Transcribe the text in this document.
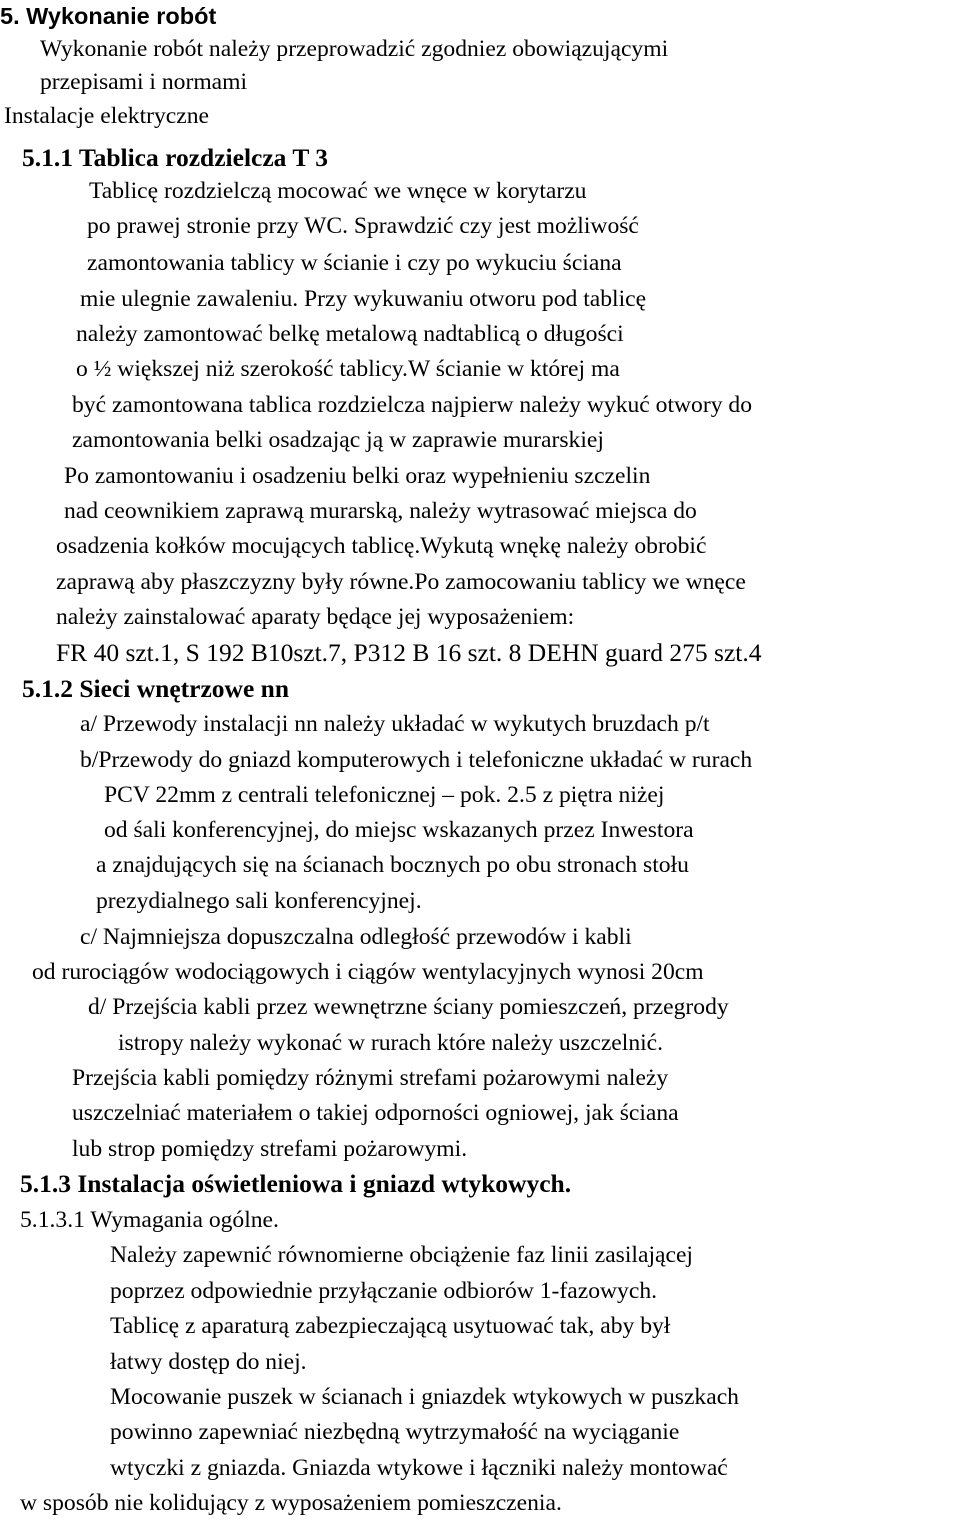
5. Wykonanie robót
Wykonanie robót należy przeprowadzić zgodniez obowiązującymi
przepisami i normami
Instalacje elektryczne
5.1.1 Tablica rozdzielcza T 3
Tablicę rozdzielczą mocować we wnęce w korytarzu
po prawej stronie przy WC. Sprawdzić czy jest możliwość
zamontowania tablicy w ścianie i czy po wykuciu ściana
mie ulegnie zawaleniu. Przy wykuwaniu otworu pod tablicę
należy zamontować belkę metalową nadtablicą o długości
o ½ większej niż szerokość tablicy.W ścianie w której ma
być zamontowana tablica rozdzielcza najpierw należy wykuć otwory do
zamontowania belki osadzając ją w zaprawie murarskiej
Po zamontowaniu i osadzeniu belki oraz wypełnieniu szczelin
nad ceownikiem zaprawą murarską, należy wytrasować miejsca do
osadzenia kołków mocujących tablicę.Wykutą wnękę należy obrobić
zaprawą aby płaszczyzny były równe.Po zamocowaniu tablicy we wnęce
należy zainstalować aparaty będące jej wyposażeniem:
FR 40 szt.1, S 192 B10szt.7, P312 B 16 szt. 8 DEHN guard 275 szt.4
5.1.2 Sieci wnętrzowe nn
a/ Przewody instalacji nn należy układać w wykutych bruzdach p/t
b/Przewody do gniazd komputerowych i telefoniczne układać w rurach
PCV 22mm z centrali telefonicznej – pok. 2.5 z piętra niżej
od śali konferencyjnej, do miejsc wskazanych przez Inwestora
a znajdujących się na ścianach bocznych po obu stronach stołu
prezydialnego sali konferencyjnej.
c/ Najmniejsza dopuszczalna odległość przewodów i kabli
od rurociągów wodociągowych i ciągów wentylacyjnych wynosi 20cm
d/ Przejścia kabli przez wewnętrzne ściany pomieszczeń, przegrody
istropy należy wykonać w rurach które należy uszczelnić.
Przejścia kabli pomiędzy różnymi strefami pożarowymi należy
uszczelniać materiałem o takiej odporności ogniowej, jak ściana
lub strop pomiędzy strefami pożarowymi.
5.1.3 Instalacja oświetleniowa i gniazd wtykowych.
5.1.3.1 Wymagania ogólne.
Należy zapewnić równomierne obciążenie faz linii zasilającej
poprzez odpowiednie przyłączanie odbiorów 1-fazowych.
Tablicę z aparaturą zabezpieczającą usytuować tak, aby był
łatwy dostęp do niej.
Mocowanie puszek w ścianach i gniazdek wtykowych w puszkach
powinno zapewniać niezbędną wytrzymałość na wyciąganie
wtyczki z gniazda. Gniazda wtykowe i łączniki należy montować
w sposób nie kolidujący z wyposażeniem pomieszczenia.
